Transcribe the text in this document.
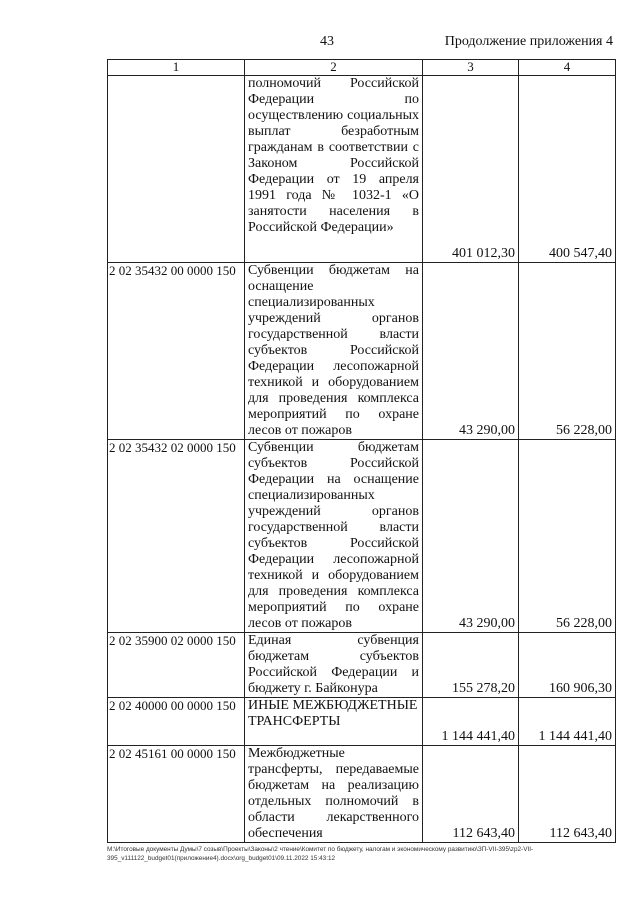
43	Продолжение приложения 4
1	2	3	4
	полномочий Российской Федерации по осуществлению социальных выплат безработным гражданам в соответствии с Законом Российской Федерации от 19 апреля 1991 года № 1032-1 «О занятости населения в Российской Федерации»	401 012,30	400 547,40
2 02 35432 00 0000 150	Субвенции бюджетам на оснащение специализированных учреждений органов государственной власти субъектов Российской Федерации лесопожарной техникой и оборудованием для проведения комплекса мероприятий по охране лесов от пожаров	43 290,00	56 228,00
2 02 35432 02 0000 150	Субвенции бюджетам субъектов Российской Федерации на оснащение специализированных учреждений органов государственной власти субъектов Российской Федерации лесопожарной техникой и оборудованием для проведения комплекса мероприятий по охране лесов от пожаров	43 290,00	56 228,00
2 02 35900 02 0000 150	Единая субвенция бюджетам субъектов Российской Федерации и бюджету г. Байконура	155 278,20	160 906,30
2 02 40000 00 0000 150	ИНЫЕ МЕЖБЮДЖЕТНЫЕ ТРАНСФЕРТЫ	1 144 441,40	1 144 441,40
2 02 45161 00 0000 150	Межбюджетные трансферты, передаваемые бюджетам на реализацию отдельных полномочий в области лекарственного обеспечения	112 643,40	112 643,40
М:\Итоговые документы Думы\7 созыв\Проекты\Законы\2 чтение\Комитет по бюджету, налогам и экономическому развитию\ЗП-VII-395\zp2-VII-395_v111122_budget01(приложение4).docx\org_budget01\09.11.2022 15:43:12
